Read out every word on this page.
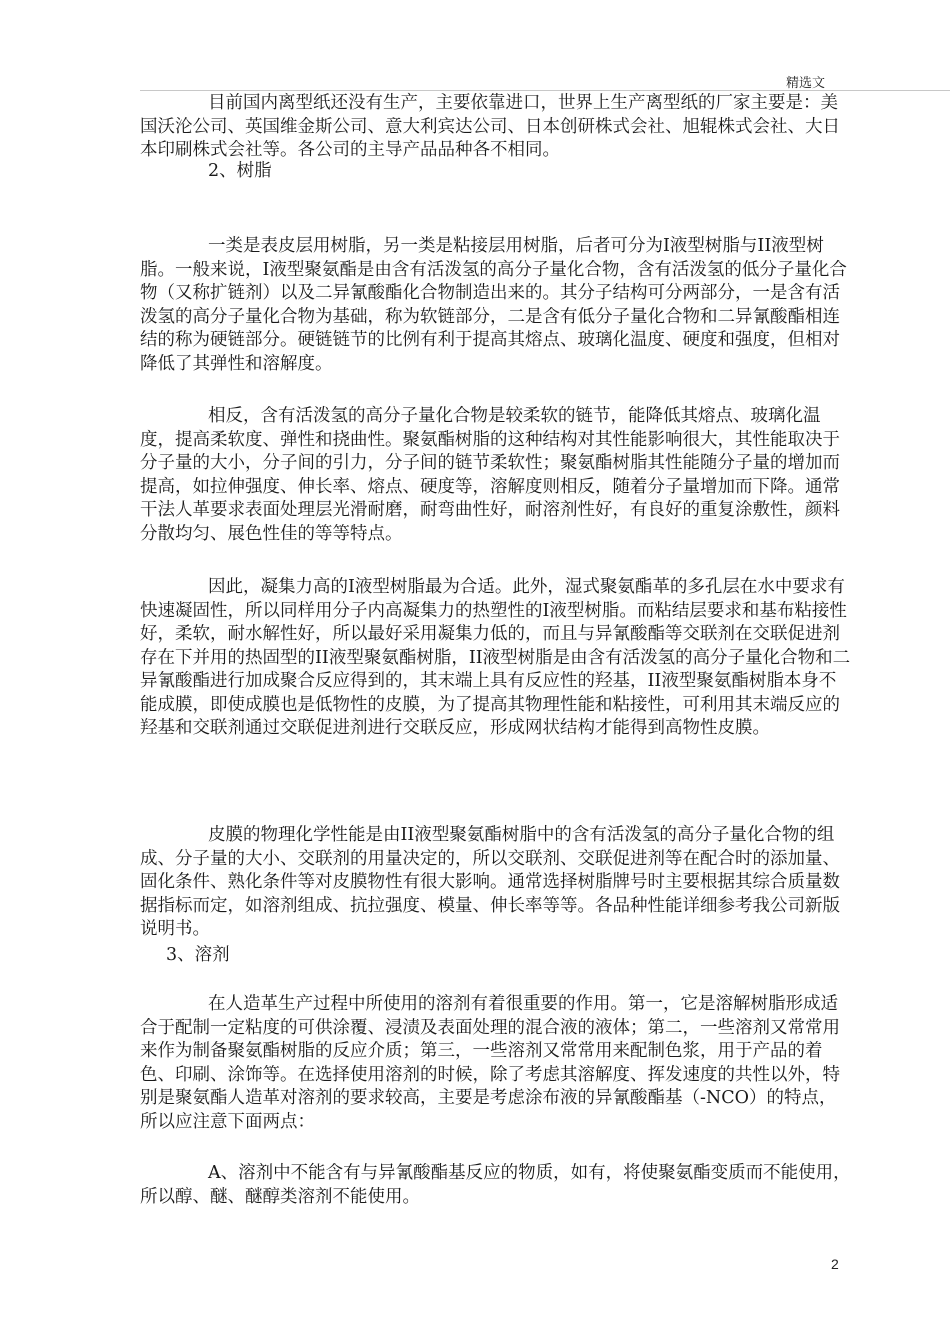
精选文

目前国内离型纸还没有生产，主要依靠进口，世界上生产离型纸的厂家主要是：美国沃沦公司、英国维金斯公司、意大利宾达公司、日本创研株式会社、旭辊株式会社、大日本印刷株式会社等。各公司的主导产品品种各不相同。

2、树脂

一类是表皮层用树脂，另一类是粘接层用树脂，后者可分为I液型树脂与II液型树脂。一般来说，I液型聚氨酯是由含有活泼氢的高分子量化合物，含有活泼氢的低分子量化合物（又称扩链剂）以及二异氰酸酯化合物制造出来的。其分子结构可分两部分，一是含有活泼氢的高分子量化合物为基础，称为软链部分，二是含有低分子量化合物和二异氰酸酯相连结的称为硬链部分。硬链链节的比例有利于提高其熔点、玻璃化温度、硬度和强度，但相对降低了其弹性和溶解度。

相反，含有活泼氢的高分子量化合物是较柔软的链节，能降低其熔点、玻璃化温度，提高柔软度、弹性和挠曲性。聚氨酯树脂的这种结构对其性能影响很大，其性能取决于分子量的大小，分子间的引力，分子间的链节柔软性；聚氨酯树脂其性能随分子量的增加而提高，如拉伸强度、伸长率、熔点、硬度等，溶解度则相反，随着分子量增加而下降。通常干法人革要求表面处理层光滑耐磨，耐弯曲性好，耐溶剂性好，有良好的重复涂敷性，颜料分散均匀、展色性佳的等等特点。

因此，凝集力高的I液型树脂最为合适。此外，湿式聚氨酯革的多孔层在水中要求有快速凝固性，所以同样用分子内高凝集力的热塑性的I液型树脂。而粘结层要求和基布粘接性好，柔软，耐水解性好，所以最好采用凝集力低的，而且与异氰酸酯等交联剂在交联促进剂存在下并用的热固型的II液型聚氨酯树脂，II液型树脂是由含有活泼氢的高分子量化合物和二异氰酸酯进行加成聚合反应得到的，其末端上具有反应性的羟基，II液型聚氨酯树脂本身不能成膜，即使成膜也是低物性的皮膜，为了提高其物理性能和粘接性，可利用其末端反应的羟基和交联剂通过交联促进剂进行交联反应，形成网状结构才能得到高物性皮膜。

皮膜的物理化学性能是由II液型聚氨酯树脂中的含有活泼氢的高分子量化合物的组成、分子量的大小、交联剂的用量决定的，所以交联剂、交联促进剂等在配合时的添加量、固化条件、熟化条件等对皮膜物性有很大影响。通常选择树脂牌号时主要根据其综合质量数据指标而定，如溶剂组成、抗拉强度、模量、伸长率等等。各品种性能详细参考我公司新版说明书。

3、溶剂

在人造革生产过程中所使用的溶剂有着很重要的作用。第一，它是溶解树脂形成适合于配制一定粘度的可供涂覆、浸渍及表面处理的混合液的液体；第二，一些溶剂又常常用来作为制备聚氨酯树脂的反应介质；第三，一些溶剂又常常用来配制色浆，用于产品的着色、印刷、涂饰等。在选择使用溶剂的时候，除了考虑其溶解度、挥发速度的共性以外，特别是聚氨酯人造革对溶剂的要求较高，主要是考虑涂布液的异氰酸酯基（-NCO）的特点，所以应注意下面两点：

A、溶剂中不能含有与异氰酸酯基反应的物质，如有，将使聚氨酯变质而不能使用，所以醇、醚、醚醇类溶剂不能使用。

2
